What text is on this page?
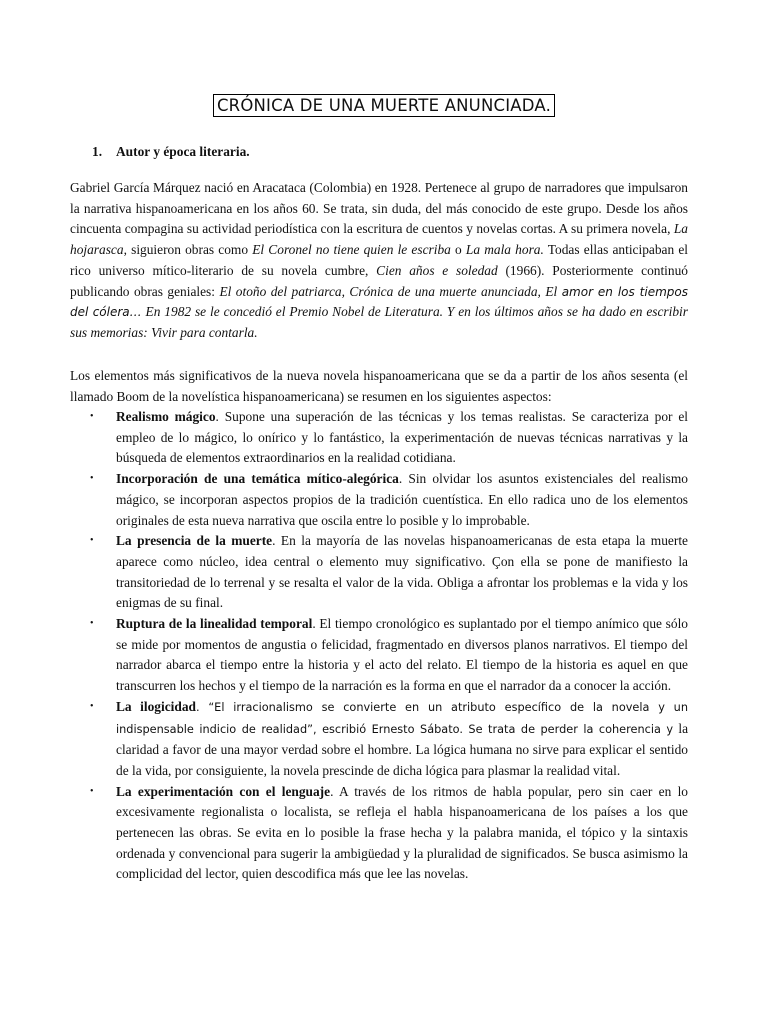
CRÓNICA DE UNA MUERTE ANUNCIADA.
1. Autor y época literaria.

Gabriel García Márquez nació en Aracataca (Colombia) en 1928. Pertenece al grupo de narradores que impulsaron la narrativa hispanoamericana en los años 60. Se trata, sin duda, del más conocido de este grupo. Desde los años cincuenta compagina su actividad periodística con la escritura de cuentos y novelas cortas. A su primera novela, La hojarasca, siguieron obras como El Coronel no tiene quien le escriba o La mala hora. Todas ellas anticipaban el rico universo mítico-literario de su novela cumbre, Cien años e soledad (1966). Posteriormente continuó publicando obras geniales: El otoño del patriarca, Crónica de una muerte anunciada, El amor en los tiempos del cólera… En 1982 se le concedió el Premio Nobel de Literatura. Y en los últimos años se ha dado en escribir sus memorias: Vivir para contarla.

Los elementos más significativos de la nueva novela hispanoamericana que se da a partir de los años sesenta (el llamado Boom de la novelística hispanoamericana) se resumen en los siguientes aspectos:

• Realismo mágico. Supone una superación de las técnicas y los temas realistas. Se caracteriza por el empleo de lo mágico, lo onírico y lo fantástico, la experimentación de nuevas técnicas narrativas y la búsqueda de elementos extraordinarios en la realidad cotidiana.
• Incorporación de una temática mítico-alegórica. Sin olvidar los asuntos existenciales del realismo mágico, se incorporan aspectos propios de la tradición cuentística. En ello radica uno de los elementos originales de esta nueva narrativa que oscila entre lo posible y lo improbable.
• La presencia de la muerte. En la mayoría de las novelas hispanoamericanas de esta etapa la muerte aparece como núcleo, idea central o elemento muy significativo. Çon ella se pone de manifiesto la transitoriedad de lo terrenal y se resalta el valor de la vida. Obliga a afrontar los problemas e la vida y los enigmas de su final.
• Ruptura de la linealidad temporal. El tiempo cronológico es suplantado por el tiempo anímico que sólo se mide por momentos de angustia o felicidad, fragmentado en diversos planos narrativos. El tiempo del narrador abarca el tiempo entre la historia y el acto del relato. El tiempo de la historia es aquel en que transcurren los hechos y el tiempo de la narración es la forma en que el narrador da a conocer la acción.
• La ilogicidad. “El irracionalismo se convierte en un atributo específico de la novela y un indispensable indicio de realidad”, escribió Ernesto Sábato. Se trata de perder la coherencia y la claridad a favor de una mayor verdad sobre el hombre. La lógica humana no sirve para explicar el sentido de la vida, por consiguiente, la novela prescinde de dicha lógica para plasmar la realidad vital.
• La experimentación con el lenguaje. A través de los ritmos de habla popular, pero sin caer en lo excesivamente regionalista o localista, se refleja el habla hispanoamericana de los países a los que pertenecen las obras. Se evita en lo posible la frase hecha y la palabra manida, el tópico y la sintaxis ordenada y convencional para sugerir la ambigüedad y la pluralidad de significados. Se busca asimismo la complicidad del lector, quien descodifica más que lee las novelas.
